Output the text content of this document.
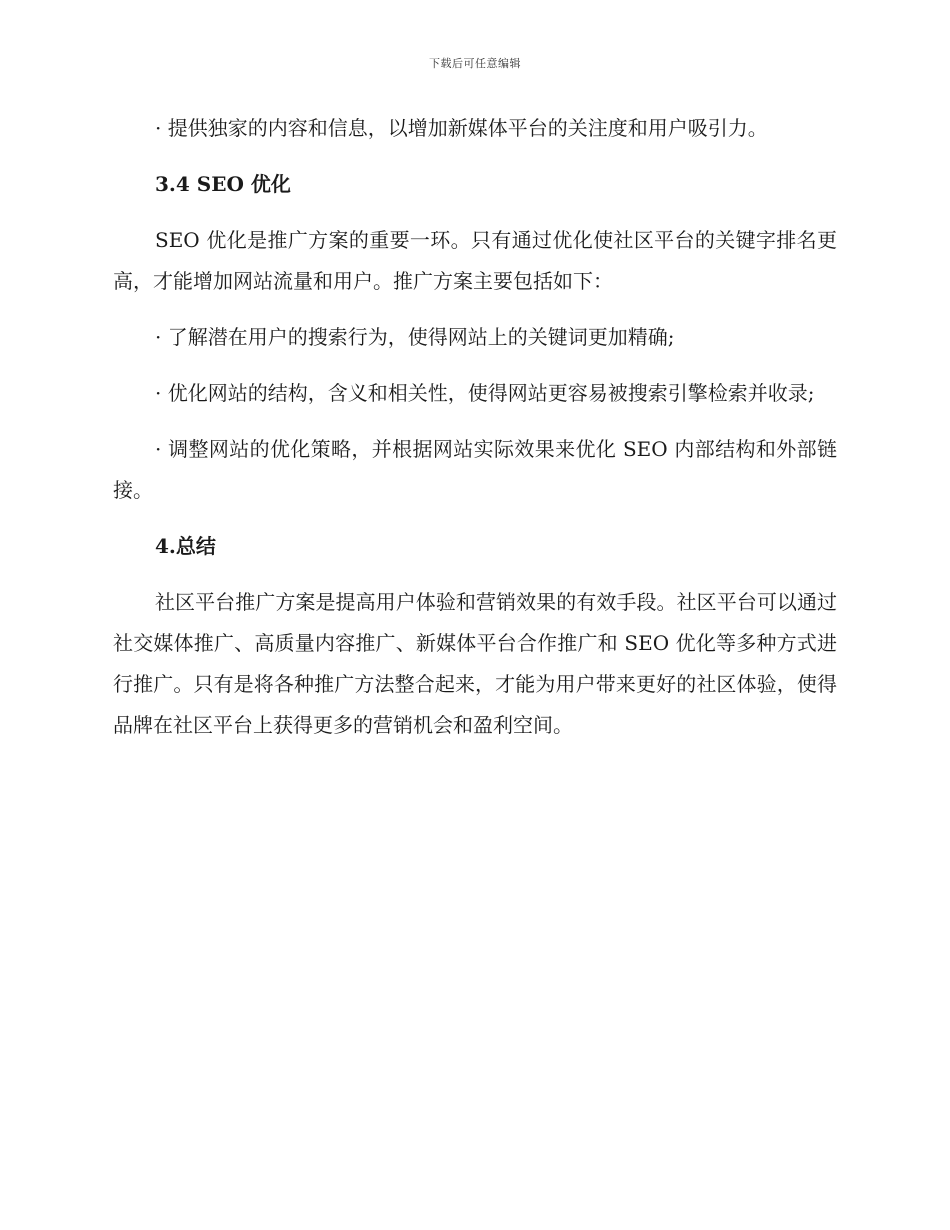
下载后可任意编辑

· 提供独家的内容和信息，以增加新媒体平台的关注度和用户吸引力。

3.4 SEO 优化

SEO 优化是推广方案的重要一环。只有通过优化使社区平台的关键字排名更高，才能增加网站流量和用户。推广方案主要包括如下：

· 了解潜在用户的搜索行为，使得网站上的关键词更加精确;

· 优化网站的结构，含义和相关性，使得网站更容易被搜索引擎检索并收录;

· 调整网站的优化策略，并根据网站实际效果来优化 SEO 内部结构和外部链接。

4.总结

社区平台推广方案是提高用户体验和营销效果的有效手段。社区平台可以通过社交媒体推广、高质量内容推广、新媒体平台合作推广和 SEO 优化等多种方式进行推广。只有是将各种推广方法整合起来，才能为用户带来更好的社区体验，使得品牌在社区平台上获得更多的营销机会和盈利空间。
